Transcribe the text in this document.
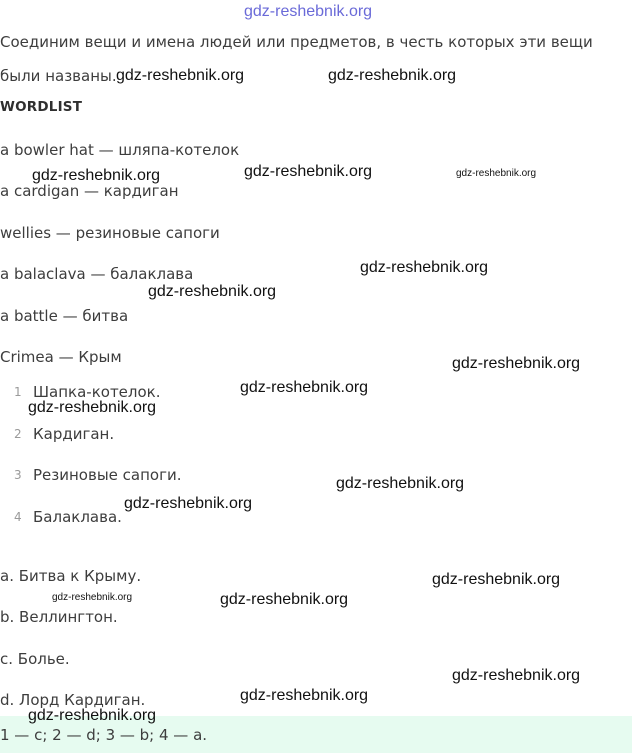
gdz-reshebnik.org
Соединим вещи и имена людей или предметов, в честь которых эти вещи
были названы.
WORDLIST
a bowler hat — шляпа-котелок
a cardigan — кардиган
wellies — резиновые сапоги
a balaclava — балаклава
a battle — битва
Crimea — Крым
1 Шапка-котелок.
2 Кардиган.
3 Резиновые сапоги.
4 Балаклава.
a. Битва к Крыму.
b. Веллингтон.
c. Болье.
d. Лорд Кардиган.
1 — c; 2 — d; 3 — b; 4 — a.
gdz-reshebnik.org	gdz-reshebnik.org
gdz-reshebnik.org	gdz-reshebnik.org	gdz-reshebnik.org
gdz-reshebnik.org
gdz-reshebnik.org
gdz-reshebnik.org
gdz-reshebnik.org
gdz-reshebnik.org
gdz-reshebnik.org
gdz-reshebnik.org
gdz-reshebnik.org
gdz-reshebnik.org	gdz-reshebnik.org
gdz-reshebnik.org
gdz-reshebnik.org
gdz-reshebnik.org
